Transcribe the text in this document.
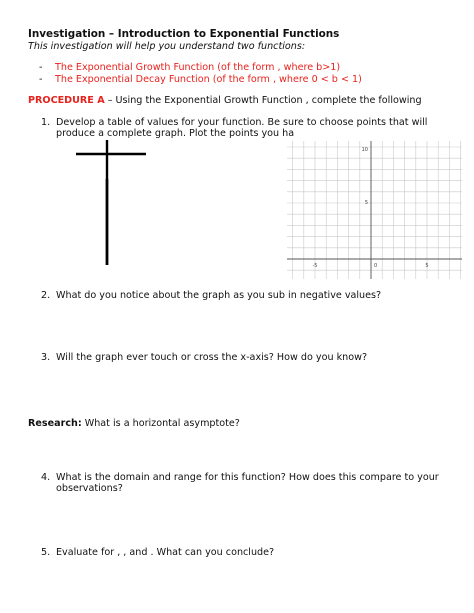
Investigation – Introduction to Exponential Functions
This investigation will help you understand two functions:
- The Exponential Growth Function (of the form , where b>1)
- The Exponential Decay Function (of the form , where 0 < b < 1)
PROCEDURE A – Using the Exponential Growth Function , complete the following
1. Develop a table of values for your function. Be sure to choose points that will
produce a complete graph. Plot the points you ha
-5	0	5
10
5
2. What do you notice about the graph as you sub in negative values?
3. Will the graph ever touch or cross the x-axis? How do you know?
Research: What is a horizontal asymptote?
4. What is the domain and range for this function? How does this compare to your
observations?
5. Evaluate for , , and . What can you conclude?
